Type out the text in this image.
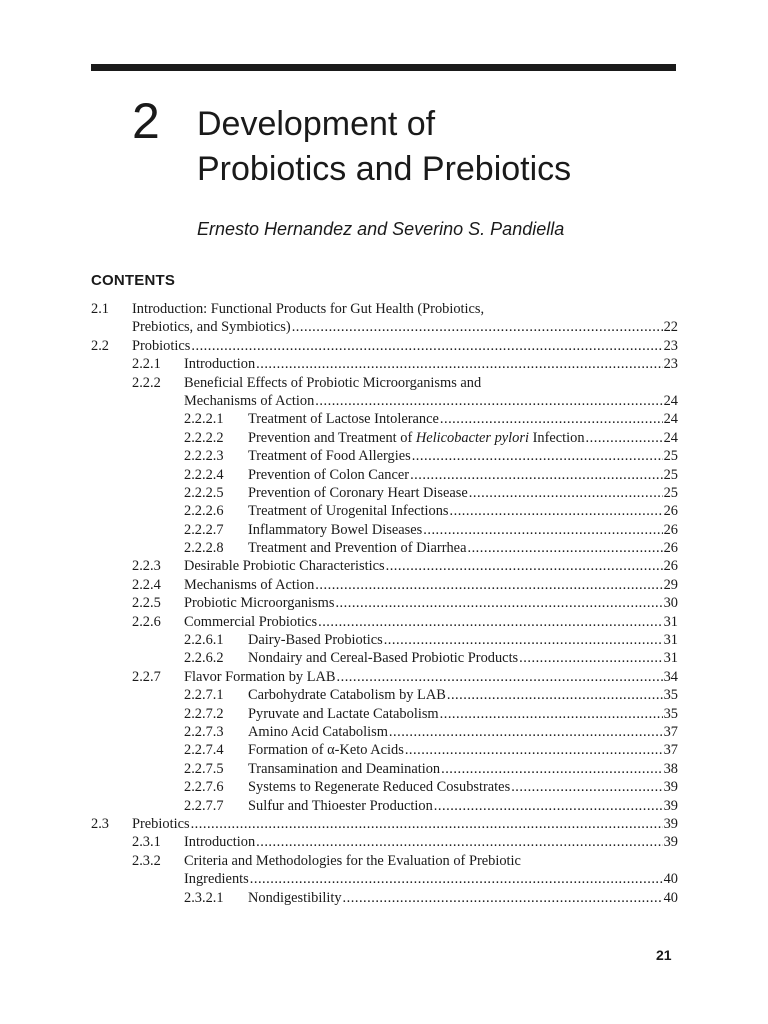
2 Development of
Probiotics and Prebiotics
Ernesto Hernandez and Severino S. Pandiella
CONTENTS
2.1 Introduction: Functional Products for Gut Health (Probiotics,
Prebiotics, and Symbiotics) .....	22
2.2 Probiotics .....	23
2.2.1 Introduction .....	23
2.2.2 Beneficial Effects of Probiotic Microorganisms and
Mechanisms of Action .....	24
2.2.2.1 Treatment of Lactose Intolerance .....	24
2.2.2.2 Prevention and Treatment of Helicobacter pylori Infection .....	24
2.2.2.3 Treatment of Food Allergies .....	25
2.2.2.4 Prevention of Colon Cancer .....	25
2.2.2.5 Prevention of Coronary Heart Disease .....	25
2.2.2.6 Treatment of Urogenital Infections .....	26
2.2.2.7 Inflammatory Bowel Diseases .....	26
2.2.2.8 Treatment and Prevention of Diarrhea .....	26
2.2.3 Desirable Probiotic Characteristics .....	26
2.2.4 Mechanisms of Action .....	29
2.2.5 Probiotic Microorganisms .....	30
2.2.6 Commercial Probiotics .....	31
2.2.6.1 Dairy-Based Probiotics .....	31
2.2.6.2 Nondairy and Cereal-Based Probiotic Products .....	31
2.2.7 Flavor Formation by LAB .....	34
2.2.7.1 Carbohydrate Catabolism by LAB .....	35
2.2.7.2 Pyruvate and Lactate Catabolism .....	35
2.2.7.3 Amino Acid Catabolism .....	37
2.2.7.4 Formation of α-Keto Acids .....	37
2.2.7.5 Transamination and Deamination .....	38
2.2.7.6 Systems to Regenerate Reduced Cosubstrates .....	39
2.2.7.7 Sulfur and Thioester Production .....	39
2.3 Prebiotics .....	39
2.3.1 Introduction .....	39
2.3.2 Criteria and Methodologies for the Evaluation of Prebiotic
Ingredients .....	40
2.3.2.1 Nondigestibility .....	40
21
